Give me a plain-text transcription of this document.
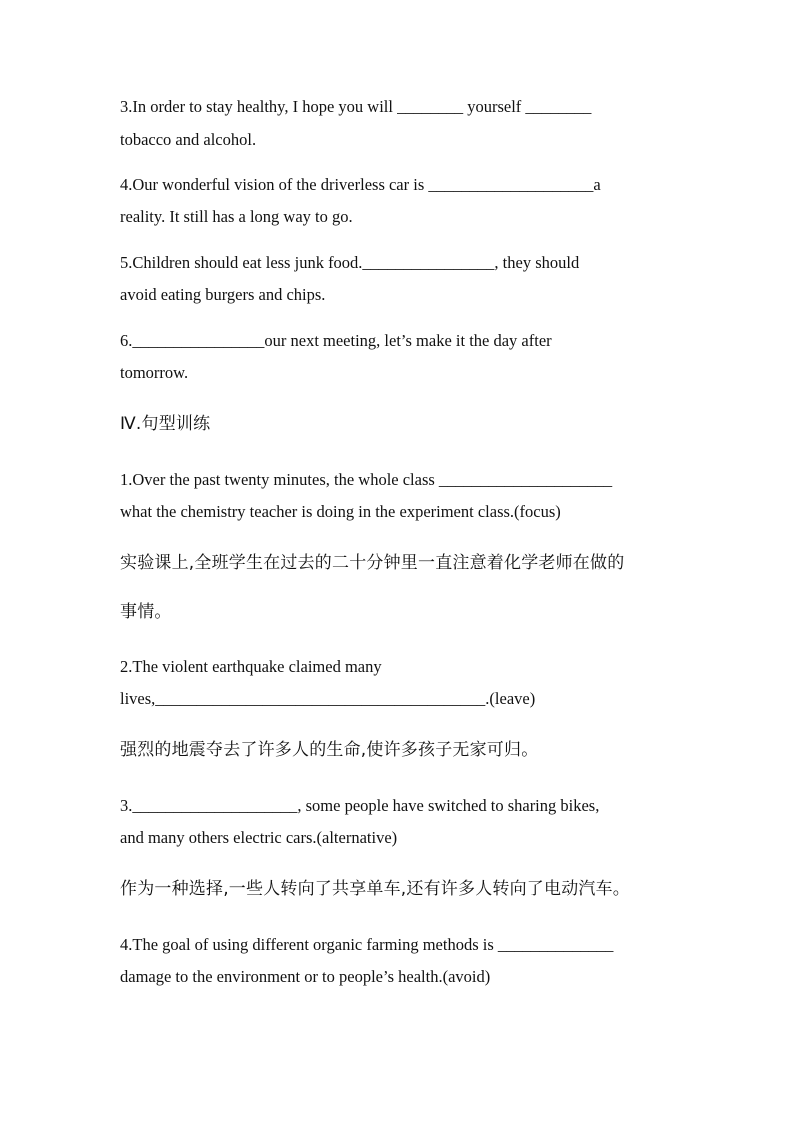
3.In order to stay healthy, I hope you will ________ yourself ________
tobacco and alcohol.
4.Our wonderful vision of the driverless car is ____________________a
reality. It still has a long way to go.
5.Children should eat less junk food.________________, they should
avoid eating burgers and chips.
6.________________our next meeting, let’s make it the day after
tomorrow.
Ⅳ.句型训练
1.Over the past twenty minutes, the whole class _____________________
what the chemistry teacher is doing in the experiment class.(focus)
实验课上,全班学生在过去的二十分钟里一直注意着化学老师在做的
事情。
2.The violent earthquake claimed many
lives,________________________________________.(leave)
强烈的地震夺去了许多人的生命,使许多孩子无家可归。
3.____________________, some people have switched to sharing bikes,
and many others electric cars.(alternative)
作为一种选择,一些人转向了共享单车,还有许多人转向了电动汽车。
4.The goal of using different organic farming methods is ______________
damage to the environment or to people’s health.(avoid)
